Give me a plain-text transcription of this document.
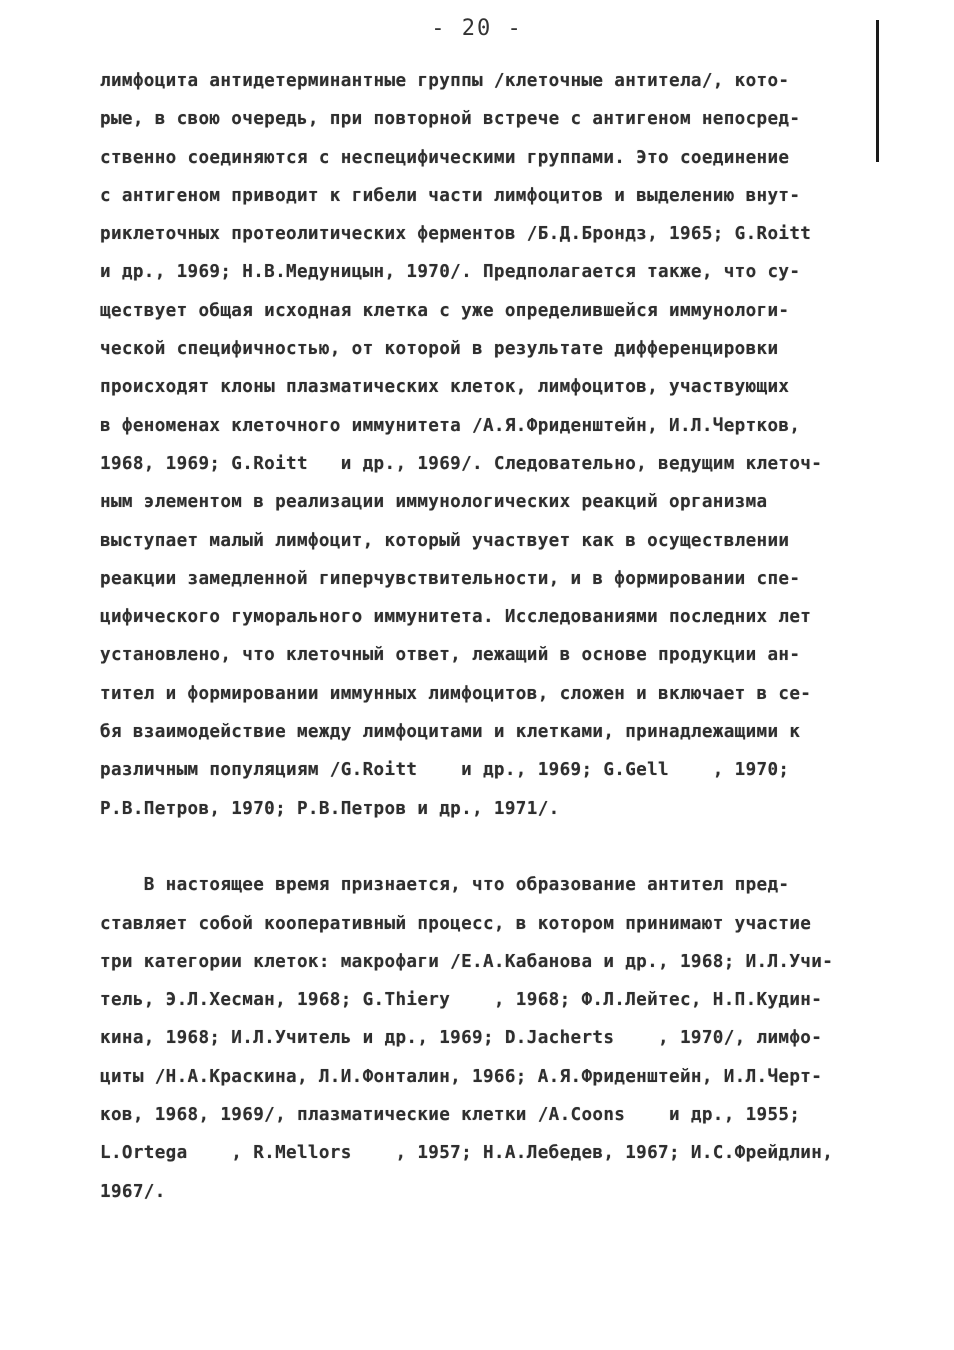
- 20 -
лимфоцита антидетерминантные группы /клеточные антитела/, кото-
рые, в свою очередь, при повторной встрече с антигеном непосред-
ственно соединяются с неспецифическими группами. Это соединение
с антигеном приводит к гибели части лимфоцитов и выделению внут-
риклеточных протеолитических ферментов /Б.Д.Брондз, 1965; G.Roitt
и др., 1969; Н.В.Медуницын, 1970/. Предполагается также, что су-
ществует общая исходная клетка с уже определившейся иммунологи-
ческой специфичностью, от которой в результате дифференцировки
происходят клоны плазматических клеток, лимфоцитов, участвующих
в феноменах клеточного иммунитета /А.Я.Фриденштейн, И.Л.Чертков,
1968, 1969; G.Roitt   и др., 1969/. Следовательно, ведущим клеточ-
ным элементом в реализации иммунологических реакций организма
выступает малый лимфоцит, который участвует как в осуществлении
реакции замедленной гиперчувствительности, и в формировании спе-
цифического гуморального иммунитета. Исследованиями последних лет
установлено, что клеточный ответ, лежащий в основе продукции ан-
тител и формировании иммунных лимфоцитов, сложен и включает в се-
бя взаимодействие между лимфоцитами и клетками, принадлежащими к
различным популяциям /G.Roitt    и др., 1969; G.Gell    , 1970;
Р.В.Петров, 1970; Р.В.Петров и др., 1971/.
В настоящее время признается, что образование антител пред-
ставляет собой кооперативный процесс, в котором принимают участие
три категории клеток: макрофаги /Е.А.Кабанова и др., 1968; И.Л.Учи-
тель, Э.Л.Хесман, 1968; G.Thiery    , 1968; Ф.Л.Лейтес, Н.П.Кудин-
кина, 1968; И.Л.Учитель и др., 1969; D.Jacherts    , 1970/, лимфо-
циты /Н.А.Краскина, Л.И.Фонталин, 1966; А.Я.Фриденштейн, И.Л.Черт-
ков, 1968, 1969/, плазматические клетки /A.Coons    и др., 1955;
L.Ortega    , R.Mellors    , 1957; Н.А.Лебедев, 1967; И.С.Фрейдлин,
1967/.
